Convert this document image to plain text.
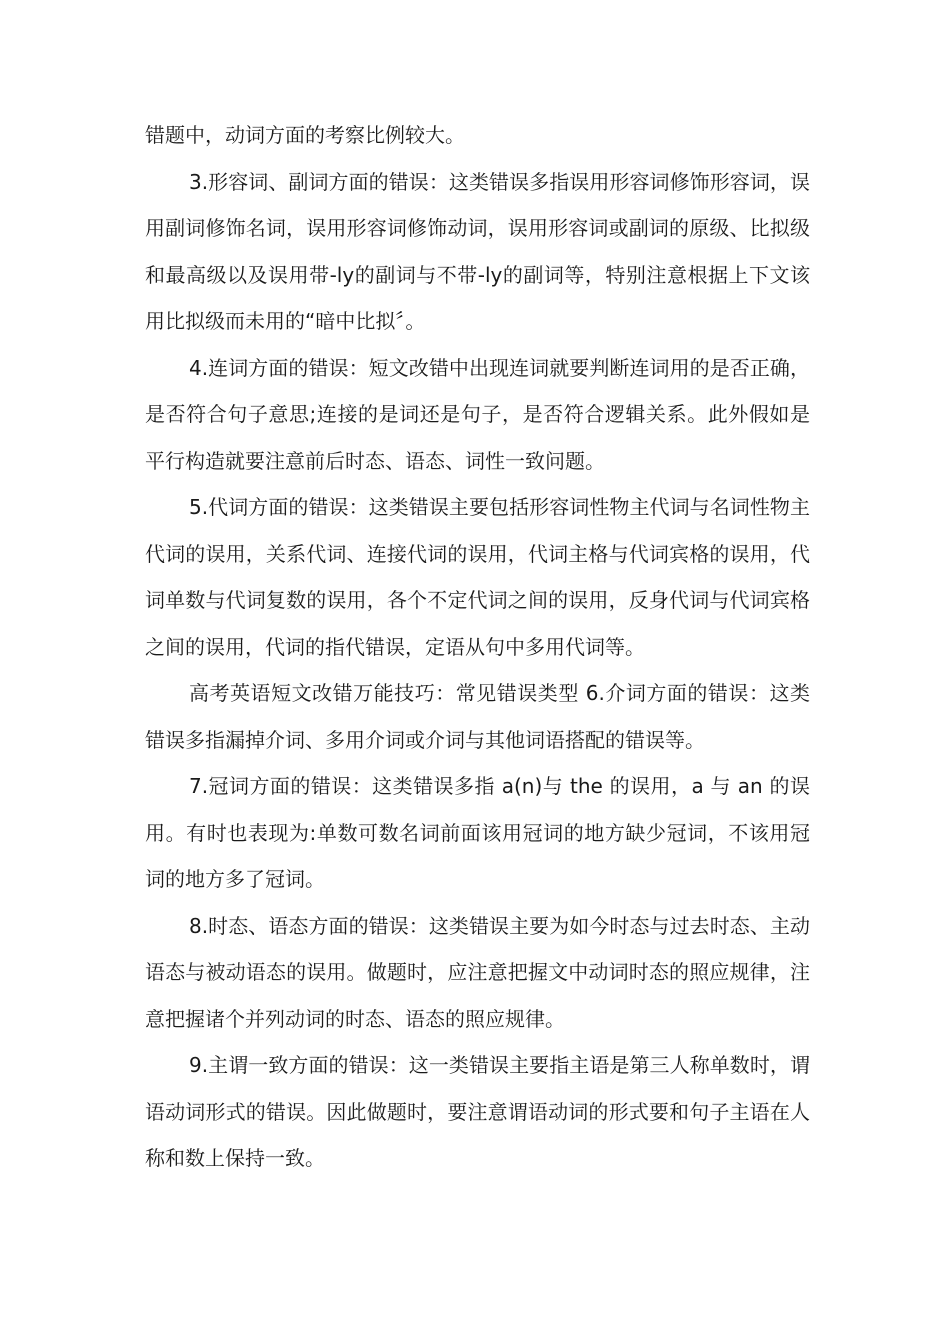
错题中，动词方面的考察比例较大。

3.形容词、副词方面的错误：这类错误多指误用形容词修饰形容词，误用副词修饰名词，误用形容词修饰动词，误用形容词或副词的原级、比拟级和最高级以及误用带-ly的副词与不带-ly的副词等，特别注意根据上下文该用比拟级而未用的“暗中比拟〞。

4.连词方面的错误：短文改错中出现连词就要判断连词用的是否正确，是否符合句子意思;连接的是词还是句子，是否符合逻辑关系。此外假如是平行构造就要注意前后时态、语态、词性一致问题。

5.代词方面的错误：这类错误主要包括形容词性物主代词与名词性物主代词的误用，关系代词、连接代词的误用，代词主格与代词宾格的误用，代词单数与代词复数的误用，各个不定代词之间的误用，反身代词与代词宾格之间的误用，代词的指代错误，定语从句中多用代词等。

高考英语短文改错万能技巧：常见错误类型 6.介词方面的错误：这类错误多指漏掉介词、多用介词或介词与其他词语搭配的错误等。

7.冠词方面的错误：这类错误多指 a(n)与 the 的误用，a 与 an 的误用。有时也表现为:单数可数名词前面该用冠词的地方缺少冠词，不该用冠词的地方多了冠词。

8.时态、语态方面的错误：这类错误主要为如今时态与过去时态、主动语态与被动语态的误用。做题时，应注意把握文中动词时态的照应规律，注意把握诸个并列动词的时态、语态的照应规律。

9.主谓一致方面的错误：这一类错误主要指主语是第三人称单数时，谓语动词形式的错误。因此做题时，要注意谓语动词的形式要和句子主语在人称和数上保持一致。
